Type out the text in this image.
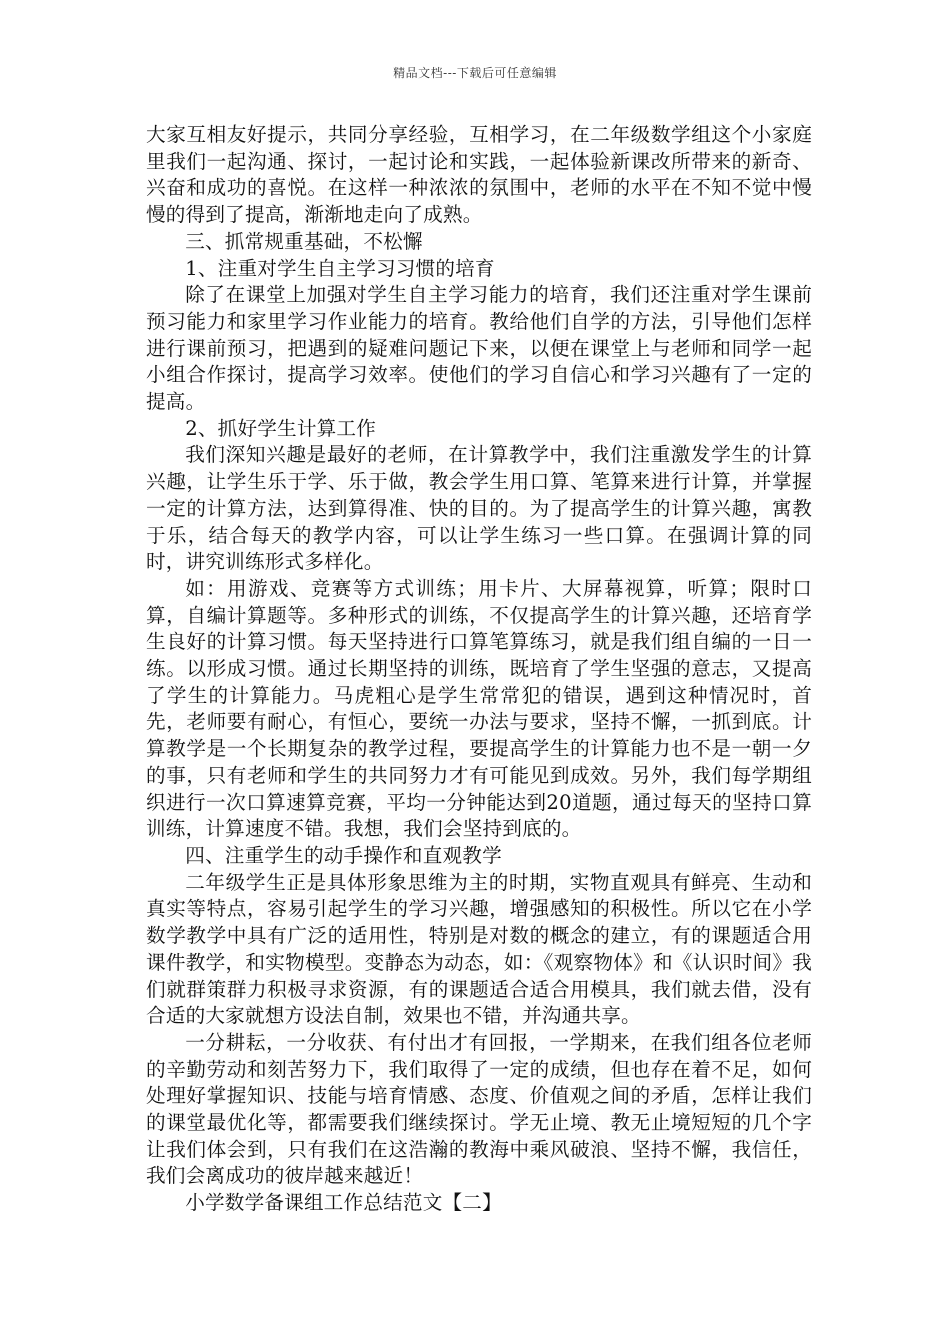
精品文档---下载后可任意编辑

大家互相友好提示，共同分享经验，互相学习，在二年级数学组这个小家庭里我们一起沟通、探讨，一起讨论和实践，一起体验新课改所带来的新奇、兴奋和成功的喜悦。在这样一种浓浓的氛围中，老师的水平在不知不觉中慢慢的得到了提高，渐渐地走向了成熟。

三、抓常规重基础，不松懈

1、注重对学生自主学习习惯的培育

除了在课堂上加强对学生自主学习能力的培育，我们还注重对学生课前预习能力和家里学习作业能力的培育。教给他们自学的方法，引导他们怎样进行课前预习，把遇到的疑难问题记下来，以便在课堂上与老师和同学一起小组合作探讨，提高学习效率。使他们的学习自信心和学习兴趣有了一定的提高。

2、抓好学生计算工作

我们深知兴趣是最好的老师，在计算教学中，我们注重激发学生的计算兴趣，让学生乐于学、乐于做，教会学生用口算、笔算来进行计算，并掌握一定的计算方法，达到算得准、快的目的。为了提高学生的计算兴趣，寓教于乐，结合每天的教学内容，可以让学生练习一些口算。在强调计算的同时，讲究训练形式多样化。

如：用游戏、竞赛等方式训练；用卡片、大屏幕视算，听算；限时口算，自编计算题等。多种形式的训练，不仅提高学生的计算兴趣，还培育学生良好的计算习惯。每天坚持进行口算笔算练习，就是我们组自编的一日一练。以形成习惯。通过长期坚持的训练，既培育了学生坚强的意志，又提高了学生的计算能力。马虎粗心是学生常常犯的错误，遇到这种情况时，首先，老师要有耐心，有恒心，要统一办法与要求，坚持不懈，一抓到底。计算教学是一个长期复杂的教学过程，要提高学生的计算能力也不是一朝一夕的事，只有老师和学生的共同努力才有可能见到成效。另外，我们每学期组织进行一次口算速算竞赛，平均一分钟能达到20道题，通过每天的坚持口算训练，计算速度不错。我想，我们会坚持到底的。

四、注重学生的动手操作和直观教学

二年级学生正是具体形象思维为主的时期，实物直观具有鲜亮、生动和真实等特点，容易引起学生的学习兴趣，增强感知的积极性。所以它在小学数学教学中具有广泛的适用性，特别是对数的概念的建立，有的课题适合用课件教学，和实物模型。变静态为动态，如：《观察物体》和《认识时间》我们就群策群力积极寻求资源，有的课题适合适合用模具，我们就去借，没有合适的大家就想方设法自制，效果也不错，并沟通共享。

一分耕耘，一分收获、有付出才有回报，一学期来，在我们组各位老师的辛勤劳动和刻苦努力下，我们取得了一定的成绩，但也存在着不足，如何处理好掌握知识、技能与培育情感、态度、价值观之间的矛盾，怎样让我们的课堂最优化等，都需要我们继续探讨。学无止境、教无止境短短的几个字让我们体会到，只有我们在这浩瀚的教海中乘风破浪、坚持不懈，我信任，我们会离成功的彼岸越来越近！

小学数学备课组工作总结范文【二】
